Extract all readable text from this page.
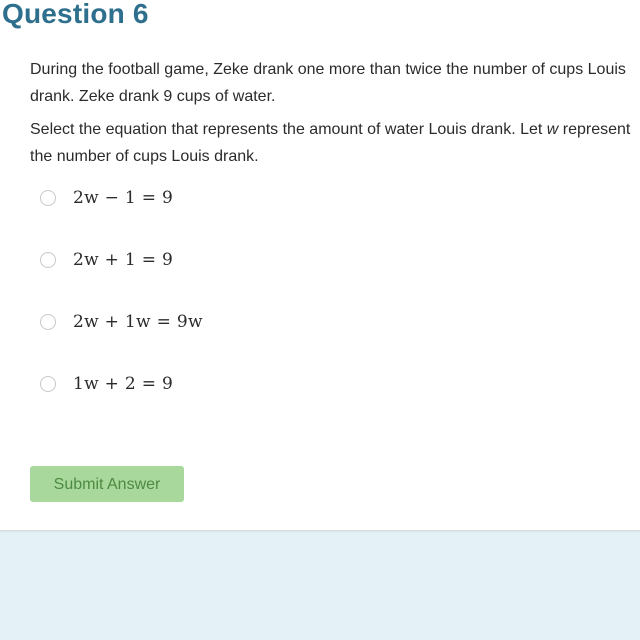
Question 6
During the football game, Zeke drank one more than twice the number of cups Louis drank. Zeke drank 9 cups of water.
Select the equation that represents the amount of water Louis drank. Let w represent the number of cups Louis drank.
2w − 1 = 9
2w + 1 = 9
2w + 1w = 9w
1w + 2 = 9
Submit Answer
